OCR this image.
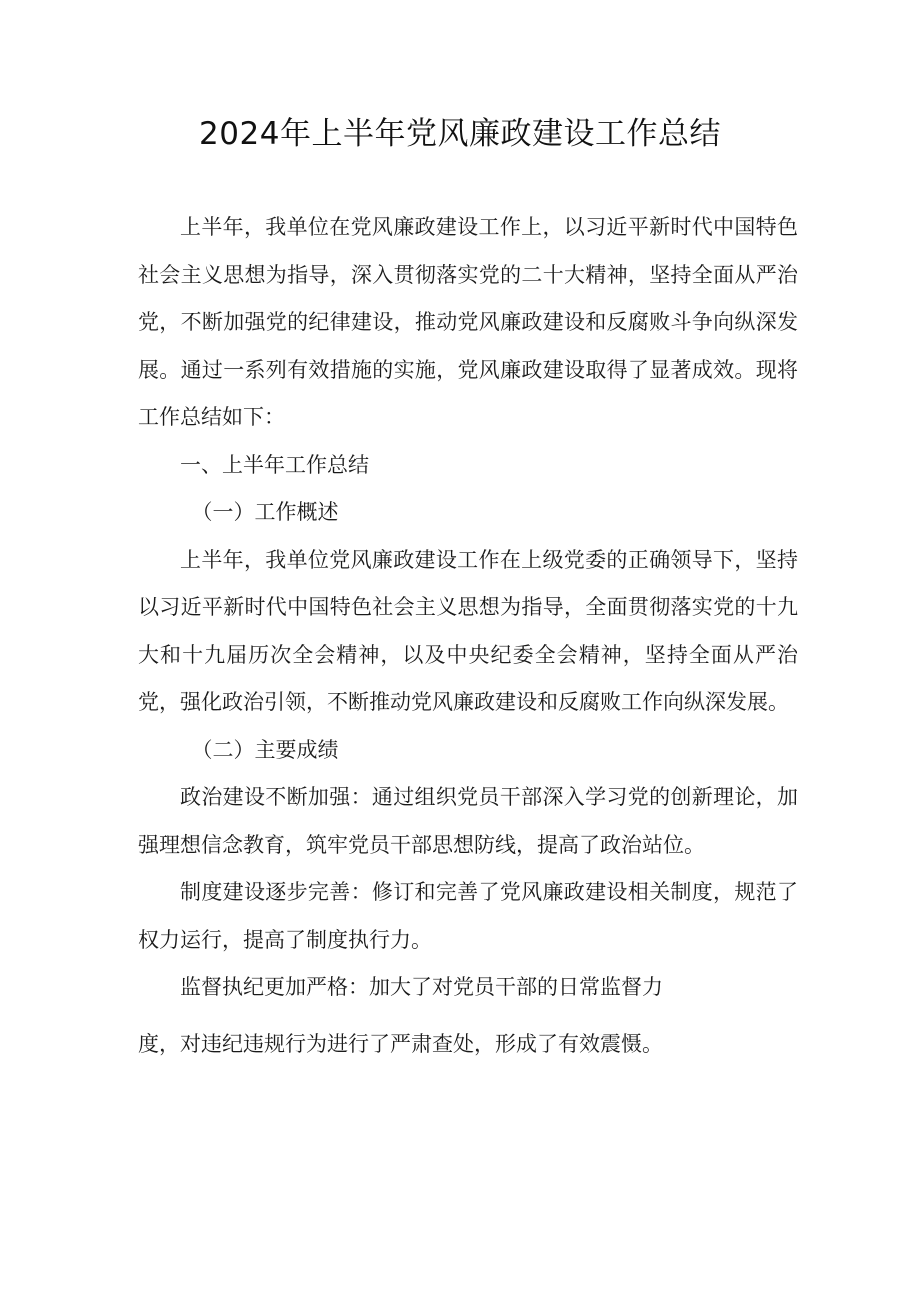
2024年上半年党风廉政建设工作总结

上半年，我单位在党风廉政建设工作上，以习近平新时代中国特色社会主义思想为指导，深入贯彻落实党的二十大精神，坚持全面从严治党，不断加强党的纪律建设，推动党风廉政建设和反腐败斗争向纵深发展。通过一系列有效措施的实施，党风廉政建设取得了显著成效。现将工作总结如下：

一、上半年工作总结

（一）工作概述

上半年，我单位党风廉政建设工作在上级党委的正确领导下，坚持以习近平新时代中国特色社会主义思想为指导，全面贯彻落实党的十九大和十九届历次全会精神，以及中央纪委全会精神，坚持全面从严治党，强化政治引领，不断推动党风廉政建设和反腐败工作向纵深发展。

（二）主要成绩

政治建设不断加强：通过组织党员干部深入学习党的创新理论，加强理想信念教育，筑牢党员干部思想防线，提高了政治站位。

制度建设逐步完善：修订和完善了党风廉政建设相关制度，规范了权力运行，提高了制度执行力。

监督执纪更加严格：加大了对党员干部的日常监督力

度，对违纪违规行为进行了严肃查处，形成了有效震慑。
